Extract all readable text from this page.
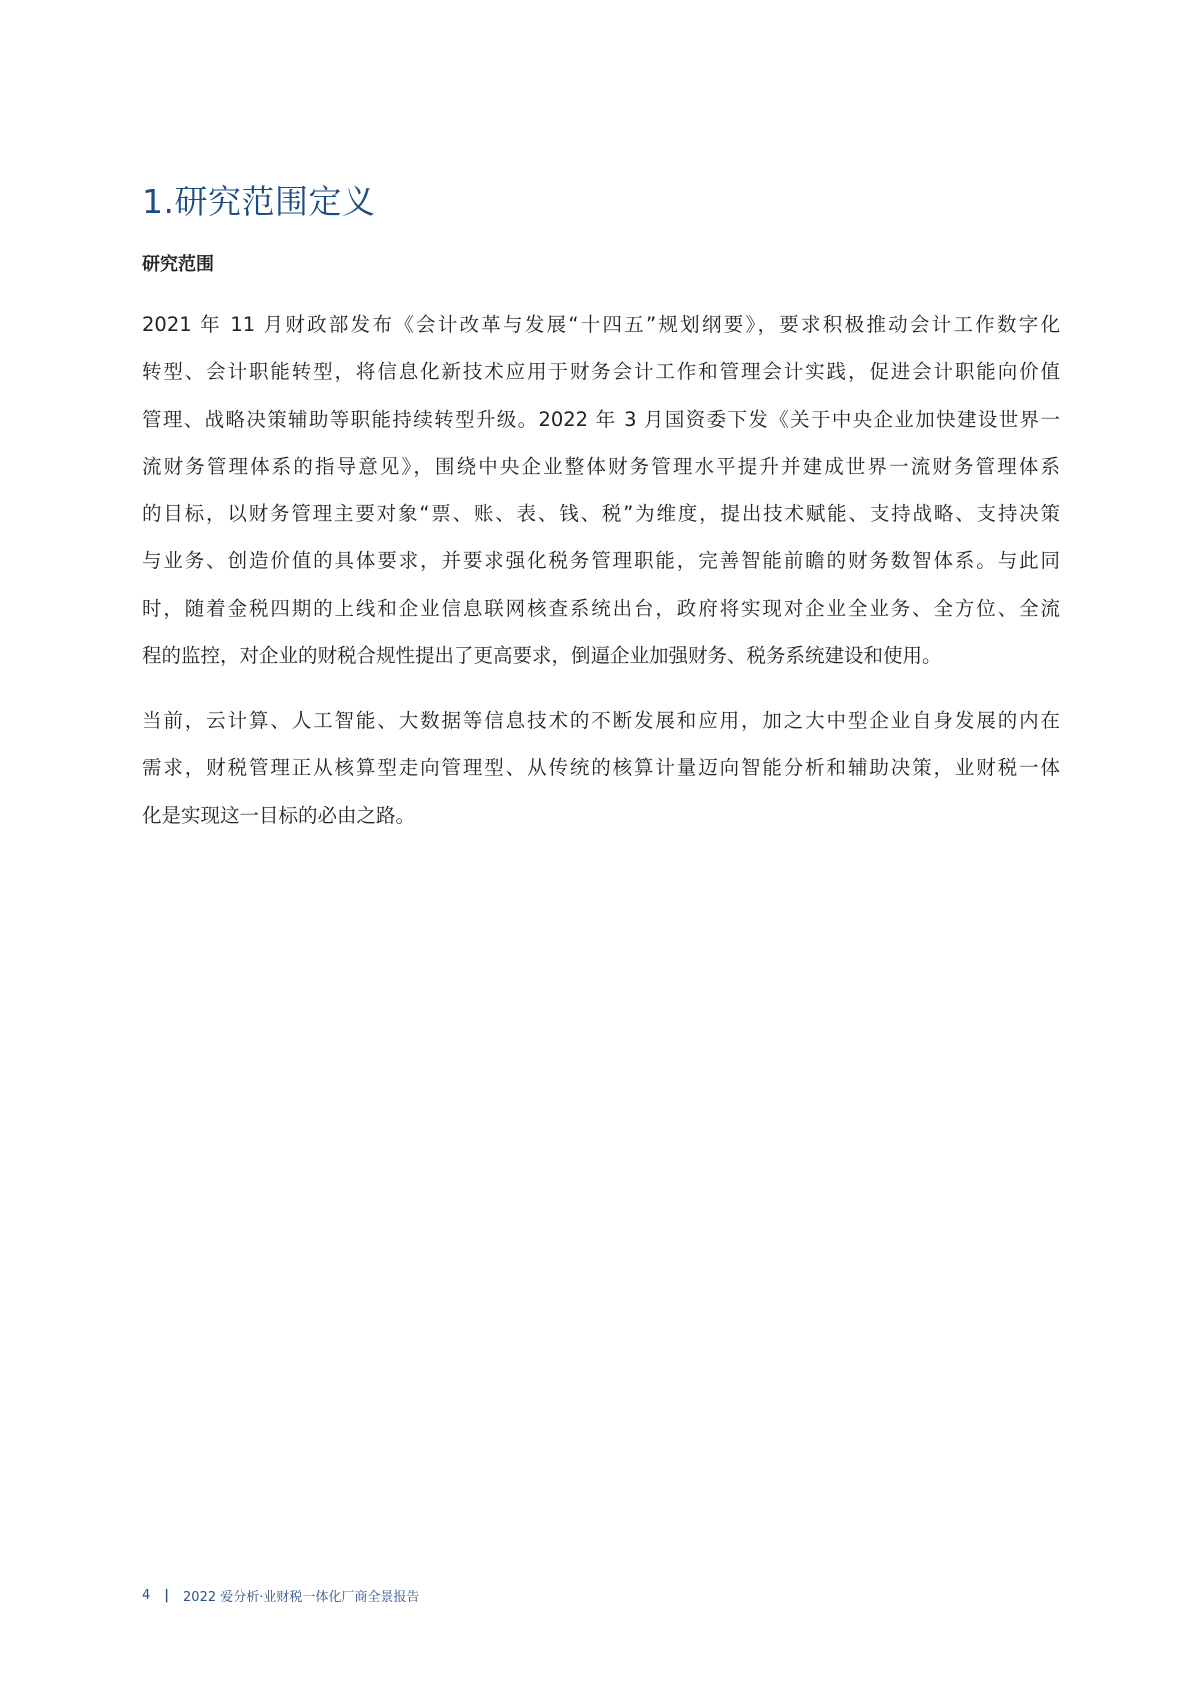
1.研究范围定义
研究范围
2021 年 11 月财政部发布《会计改革与发展“十四五”规划纲要》，要求积极推动会计工作数字化
转型、会计职能转型，将信息化新技术应用于财务会计工作和管理会计实践，促进会计职能向价值
管理、战略决策辅助等职能持续转型升级。2022 年 3 月国资委下发《关于中央企业加快建设世界一
流财务管理体系的指导意见》，围绕中央企业整体财务管理水平提升并建成世界一流财务管理体系
的目标，以财务管理主要对象“票、账、表、钱、税”为维度，提出技术赋能、支持战略、支持决策
与业务、创造价值的具体要求，并要求强化税务管理职能，完善智能前瞻的财务数智体系。与此同
时，随着金税四期的上线和企业信息联网核查系统出台，政府将实现对企业全业务、全方位、全流
程的监控，对企业的财税合规性提出了更高要求，倒逼企业加强财务、税务系统建设和使用。
当前，云计算、人工智能、大数据等信息技术的不断发展和应用，加之大中型企业自身发展的内在
需求，财税管理正从核算型走向管理型、从传统的核算计量迈向智能分析和辅助决策，业财税一体
化是实现这一目标的必由之路。
4 | 2022 爱分析·业财税一体化厂商全景报告
